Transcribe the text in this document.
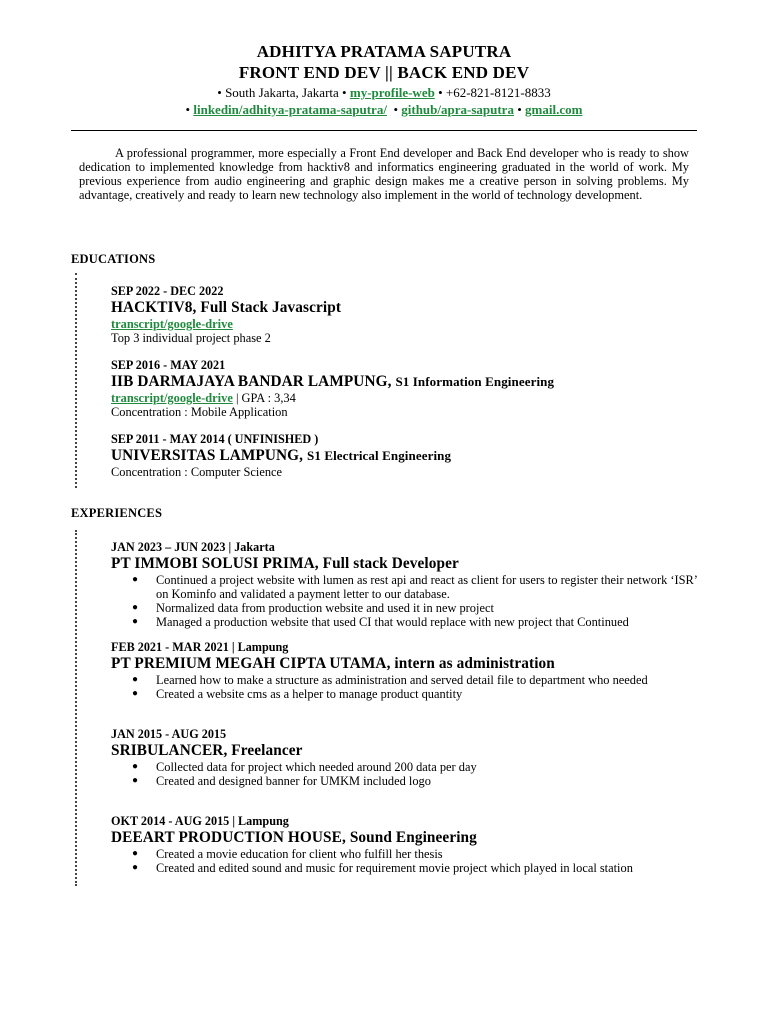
ADHITYA PRATAMA SAPUTRA
FRONT END DEV || BACK END DEV
• South Jakarta, Jakarta • my-profile-web • +62-821-8121-8833
• linkedin/adhitya-pratama-saputra/ • github/apra-saputra • gmail.com
A professional programmer, more especially a Front End developer and Back End developer who is ready to show dedication to implemented knowledge from hacktiv8 and informatics engineering graduated in the world of work. My previous experience from audio engineering and graphic design makes me a creative person in solving problems. My advantage, creatively and ready to learn new technology also implement in the world of technology development.
EDUCATIONS
SEP 2022 - DEC 2022
HACKTIV8, Full Stack Javascript
transcript/google-drive
Top 3 individual project phase 2
SEP 2016 - MAY 2021
IIB DARMAJAYA BANDAR LAMPUNG, S1 Information Engineering
transcript/google-drive | GPA : 3,34
Concentration : Mobile Application
SEP 2011 - MAY 2014 ( UNFINISHED )
UNIVERSITAS LAMPUNG, S1 Electrical Engineering
Concentration : Computer Science
EXPERIENCES
JAN 2023 – JUN 2023 | Jakarta
PT IMMOBI SOLUSI PRIMA, Full stack Developer
● Continued a project website with lumen as rest api and react as client for users to register their network ‘ISR’ on Kominfo and validated a payment letter to our database.
● Normalized data from production website and used it in new project
● Managed a production website that used CI that would replace with new project that Continued
FEB 2021 - MAR 2021 | Lampung
PT PREMIUM MEGAH CIPTA UTAMA, intern as administration
● Learned how to make a structure as administration and served detail file to department who needed
● Created a website cms as a helper to manage product quantity
JAN 2015 - AUG 2015
SRIBULANCER, Freelancer
● Collected data for project which needed around 200 data per day
● Created and designed banner for UMKM included logo
OKT 2014 - AUG 2015 | Lampung
DEEART PRODUCTION HOUSE, Sound Engineering
● Created a movie education for client who fulfill her thesis
● Created and edited sound and music for requirement movie project which played in local station
